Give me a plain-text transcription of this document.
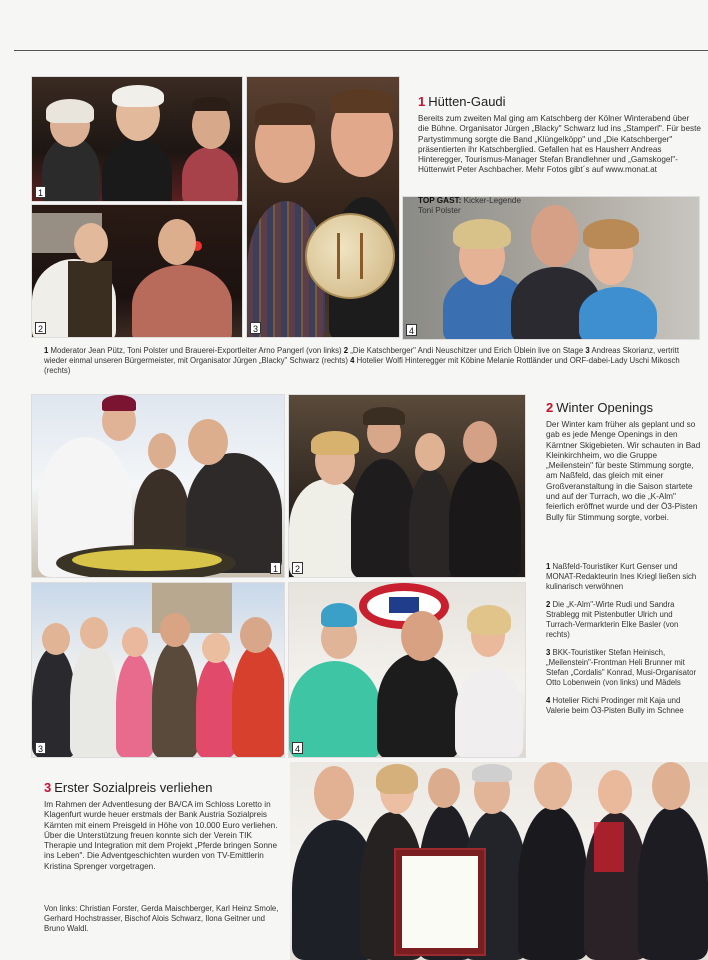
1
2	3	4
1 Hütten-Gaudi

Bereits zum zweiten Mal ging am Katschberg der Kölner Winterabend über die Bühne. Organisator Jürgen „Blacky" Schwarz lud ins „Stamperl". Für beste Partystimmung sorgte die Band „Klüngelköpp" und „Die Katschberger" präsentierten ihr Katschberglied. Gefallen hat es Hausherr Andreas Hinteregger, Tourismus-Manager Stefan Brandlehner und „Gamskogel"-Hüttenwirt Peter Aschbacher. Mehr Fotos gibt´s auf www.monat.at

TOP GAST: Kicker-Legende Toni Polster

1 Moderator Jean Pütz, Toni Polster und Brauerei-Exportleiter Arno Pangerl (von links) 2 „Die Katschberger" Andi Neuschitzer und Erich Üblein live on Stage 3 Andreas Skorianz, vertritt wieder einmal unseren Bürgermeister, mit Organisator Jürgen „Blacky" Schwarz (rechts) 4 Hotelier Wolfi Hinteregger mit Köbine Melanie Rottländer und ORF-dabei-Lady Uschi Mikosch (rechts)

1	2
3	4
2 Winter Openings

Der Winter kam früher als geplant und so gab es jede Menge Openings in den Kärntner Skigebieten. Wir schauten in Bad Kleinkirchheim, wo die Gruppe „Meilenstein" für beste Stimmung sorgte, am Naßfeld, das gleich mit einer Großveranstaltung in die Saison startete und auf der Turrach, wo die „K-Alm" feierlich eröffnet wurde und der Ö3-Pisten Bully für Stimmung sorgte, vorbei.

1 Naßfeld-Touristiker Kurt Genser und MONAT-Redakteurin Ines Kriegl ließen sich kulinarisch verwöhnen

2 Die „K-Alm"-Wirte Rudi und Sandra Strablegg mit Pistenbutler Ulrich und Turrach-Vermarkterin Elke Basler (von rechts)

3 BKK-Touristiker Stefan Heinisch, „Meilenstein"-Frontman Heli Brunner mit Stefan „Cordalis" Konrad, Musi-Organisator Otto Lobenwein (von links) und Mädels

4 Hotelier Richi Prodinger mit Kaja und Valerie beim Ö3-Pisten Bully im Schnee

3 Erster Sozialpreis verliehen

Im Rahmen der Adventlesung der BA/CA im Schloss Loretto in Klagenfurt wurde heuer erstmals der Bank Austria Sozialpreis Kärnten mit einem Preisgeld in Höhe von 10.000 Euro verliehen. Über die Unterstützung freuen konnte sich der Verein TIK Therapie und Integration mit dem Projekt „Pferde bringen Sonne ins Leben". Die Adventgeschichten wurden von TV-Emittlerin Kristina Sprenger vorgetragen.

Von links: Christian Forster, Gerda Maischberger, Karl Heinz Smole, Gerhard Hochstrasser, Bischof Alois Schwarz, Ilona Geitner und Bruno Waldl.
